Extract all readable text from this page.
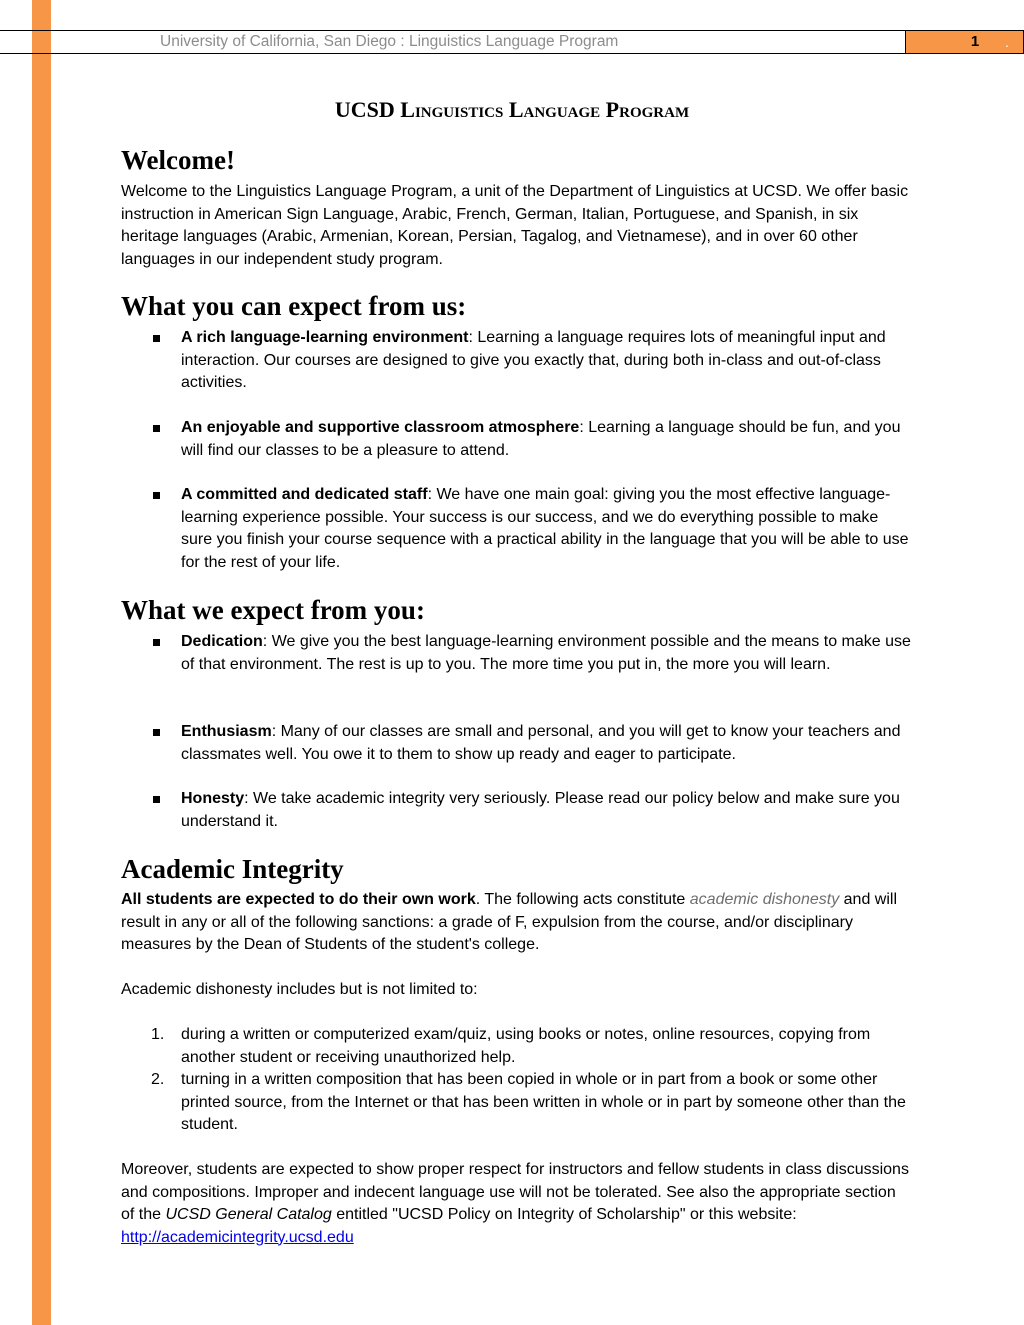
University of California, San Diego : Linguistics Language Program	1 .
UCSD Linguistics Language Program
Welcome!

Welcome to the Linguistics Language Program, a unit of the Department of Linguistics at UCSD. We offer basic instruction in American Sign Language, Arabic, French, German, Italian, Portuguese, and Spanish, in six heritage languages (Arabic, Armenian, Korean, Persian, Tagalog, and Vietnamese), and in over 60 other languages in our independent study program.

What you can expect from us:

A rich language-learning environment: Learning a language requires lots of meaningful input and interaction. Our courses are designed to give you exactly that, during both in-class and out-of-class activities.

An enjoyable and supportive classroom atmosphere: Learning a language should be fun, and you will find our classes to be a pleasure to attend.

A committed and dedicated staff: We have one main goal: giving you the most effective language-learning experience possible. Your success is our success, and we do everything possible to make sure you finish your course sequence with a practical ability in the language that you will be able to use for the rest of your life.

What we expect from you:

Dedication: We give you the best language-learning environment possible and the means to make use of that environment. The rest is up to you. The more time you put in, the more you will learn.

Enthusiasm: Many of our classes are small and personal, and you will get to know your teachers and classmates well. You owe it to them to show up ready and eager to participate.

Honesty: We take academic integrity very seriously. Please read our policy below and make sure you understand it.

Academic Integrity

All students are expected to do their own work. The following acts constitute academic dishonesty and will result in any or all of the following sanctions: a grade of F, expulsion from the course, and/or disciplinary measures by the Dean of Students of the student's college.

Academic dishonesty includes but is not limited to:

1. during a written or computerized exam/quiz, using books or notes, online resources, copying from another student or receiving unauthorized help.

2. turning in a written composition that has been copied in whole or in part from a book or some other printed source, from the Internet or that has been written in whole or in part by someone other than the student.

Moreover, students are expected to show proper respect for instructors and fellow students in class discussions and compositions. Improper and indecent language use will not be tolerated. See also the appropriate section of the UCSD General Catalog entitled "UCSD Policy on Integrity of Scholarship" or this website: http://academicintegrity.ucsd.edu
